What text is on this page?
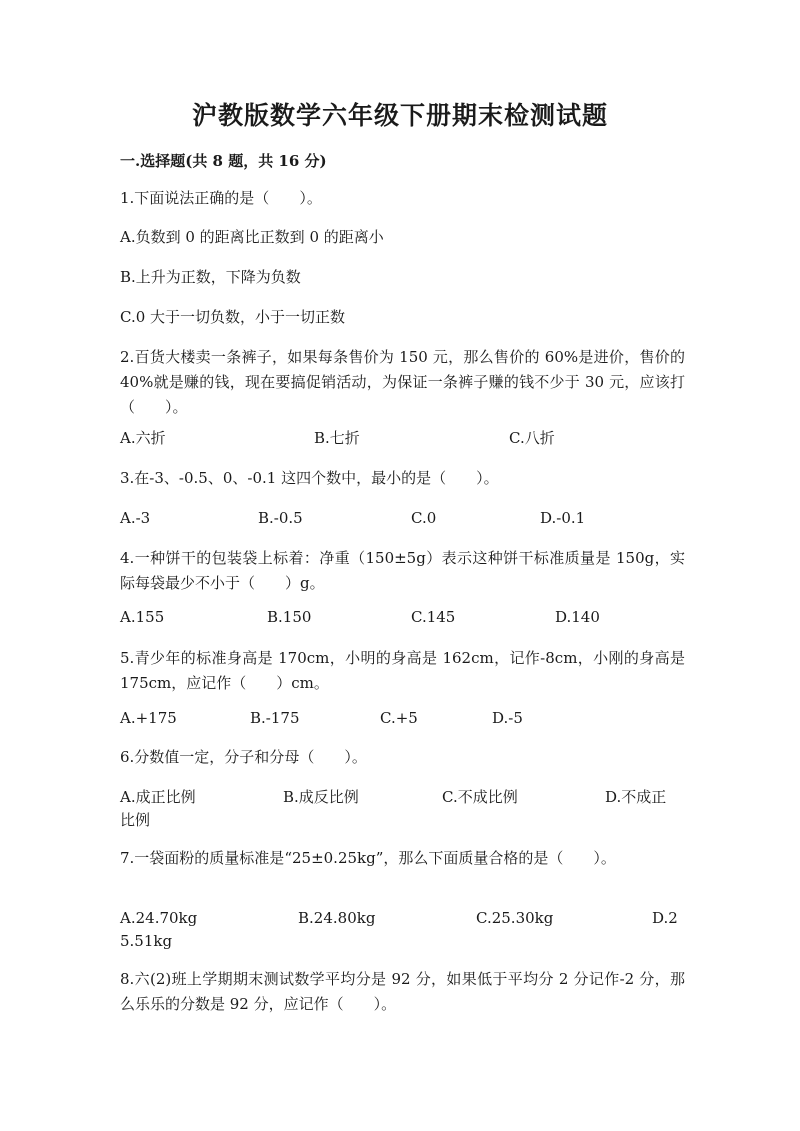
沪教版数学六年级下册期末检测试题
一.选择题(共 8 题，共 16 分)
1.下面说法正确的是（　　）。
A.负数到 0 的距离比正数到 0 的距离小
B.上升为正数，下降为负数
C.0 大于一切负数，小于一切正数
2.百货大楼卖一条裤子，如果每条售价为 150 元，那么售价的 60%是进价，售价的 40%就是赚的钱，现在要搞促销活动，为保证一条裤子赚的钱不少于 30 元，应该打（　　）。
A.六折	B.七折	C.八折
3.在-3、-0.5、0、-0.1 这四个数中，最小的是（　　）。
A.-3	B.-0.5	C.0	D.-0.1
4.一种饼干的包装袋上标着：净重（150±5g）表示这种饼干标准质量是 150g，实际每袋最少不小于（　　）g。
A.155	B.150	C.145	D.140
5.青少年的标准身高是 170cm，小明的身高是 162cm，记作-8cm，小刚的身高是 175cm，应记作（　　）cm。
A.+175	B.-175	C.+5	D.-5
6.分数值一定，分子和分母（　　）。
A.成正比例	B.成反比例	C.不成比例	D.不成正
比例
7.一袋面粉的质量标准是“25±0.25kg”，那么下面质量合格的是（　　）。
A.24.70kg	B.24.80kg	C.25.30kg	D.2
5.51kg
8.六(2)班上学期期末测试数学平均分是 92 分，如果低于平均分 2 分记作-2 分，那么乐乐的分数是 92 分，应记作（　　）。
